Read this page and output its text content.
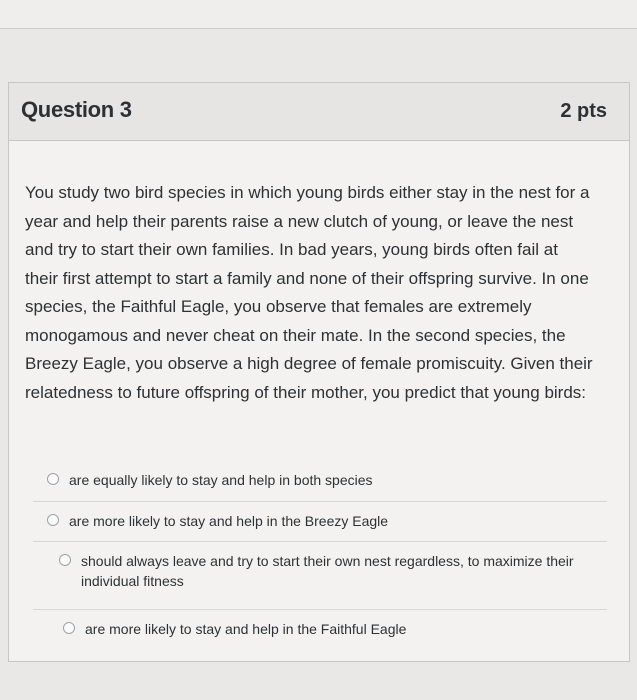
Question 3	2 pts
You study two bird species in which young birds either stay in the nest for a year and help their parents raise a new clutch of young, or leave the nest and try to start their own families. In bad years, young birds often fail at their first attempt to start a family and none of their offspring survive. In one species, the Faithful Eagle, you observe that females are extremely monogamous and never cheat on their mate. In the second species, the Breezy Eagle, you observe a high degree of female promiscuity. Given their relatedness to future offspring of their mother, you predict that young birds:
are equally likely to stay and help in both species
are more likely to stay and help in the Breezy Eagle
should always leave and try to start their own nest regardless, to maximize their individual fitness
are more likely to stay and help in the Faithful Eagle
